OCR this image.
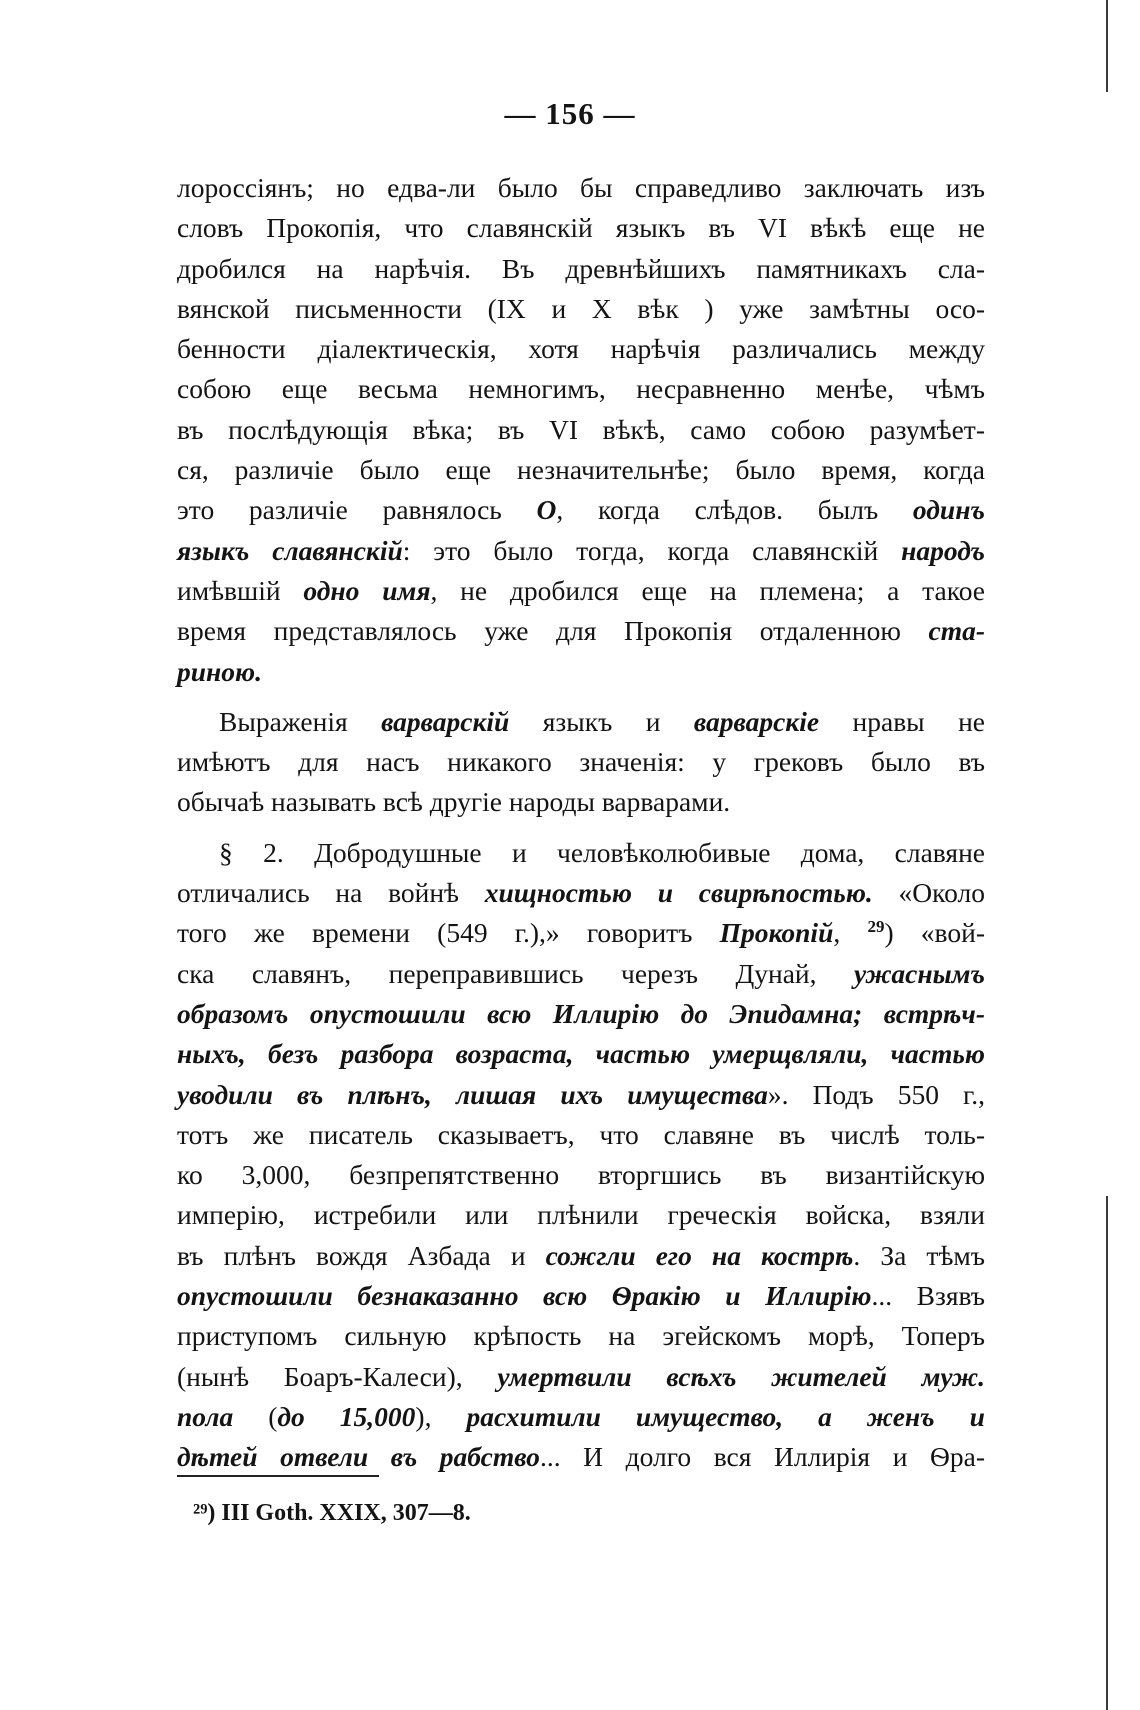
— 156 —
лороссіянъ; но едва‑ли было бы справедливо заключать изъ
словъ Прокопія, что славянскій языкъ въ VI вѣкѣ еще не
дробился на нарѣчія. Въ древнѣйшихъ памятникахъ сла-
вянской письменности (IX и X вѣк ) уже замѣтны осо-
бенности діалектическія, хотя нарѣчія различались между
собою еще весьма немногимъ, несравненно менѣе, чѣмъ
въ послѣдующія вѣка; въ VI вѣкѣ, само собою разумѣет-
ся, различіе было еще незначительнѣе; было время, когда
это различіе равнялось О, когда слѣдов. былъ одинъ
языкъ славянскій: это было тогда, когда славянскій народъ
имѣвшій одно имя, не дробился еще на племена; а такое
время представлялось уже для Прокопія отдаленною ста-
риною.
Выраженія варварскій языкъ и варварскіе нравы не
имѣютъ для насъ никакого значенія: у грековъ было въ
обычаѣ называть всѣ другіе народы варварами.
§ 2. Добродушные и человѣколюбивые дома, славяне
отличались на войнѣ хищностью и свирѣпостью. «Около
того же времени (549 г.),» говоритъ Прокопій, $^{29}$) «вой-
ска славянъ, переправившись черезъ Дунай, ужаснымъ
образомъ опустошили всю Иллирію до Эпидамна; встрѣч-
ныхъ, безъ разбора возраста, частью умерщвляли, частью
уводили въ плѣнъ, лишая ихъ имущества». Подъ 550 г.,
тотъ же писатель сказываетъ, что славяне въ числѣ толь-
ко 3,000, безпрепятственно вторгшись въ византійскую
имперію, истребили или плѣнили греческія войска, взяли
въ плѣнъ вождя Азбада и сожгли его на кострѣ. За тѣмъ
опустошили безнаказанно всю Ѳракію и Иллирію... Взявъ
приступомъ сильную крѣпость на эгейскомъ морѣ, Топеръ
(нынѣ Боаръ-Калеси), умертвили всѣхъ жителей муж.
пола (до 15,000), расхитили имущество, а женъ и
дѣтей отвели въ рабство... И долго вся Иллирія и Ѳра-
²⁹) III Goth. XXIX, 307—8.
